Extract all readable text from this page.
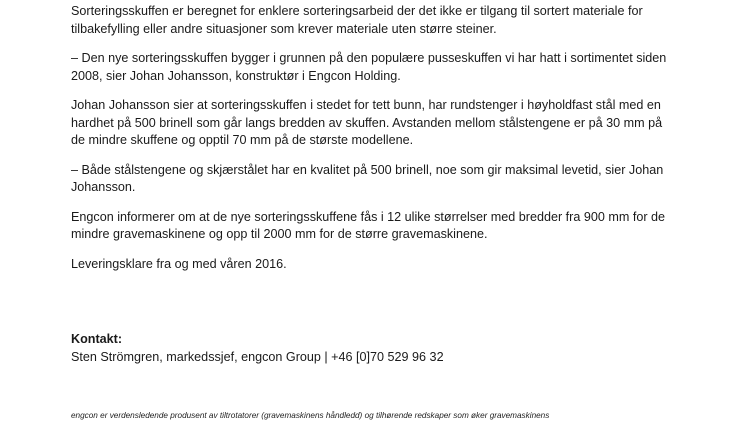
Sorteringsskuffen er beregnet for enklere sorteringsarbeid der det ikke er tilgang til sortert materiale for tilbakefylling eller andre situasjoner som krever materiale uten større steiner.

– Den nye sorteringsskuffen bygger i grunnen på den populære pusseskuffen vi har hatt i sortimentet siden 2008, sier Johan Johansson, konstruktør i Engcon Holding.

Johan Johansson sier at sorteringsskuffen i stedet for tett bunn, har rundstenger i høyholdfast stål med en hardhet på 500 brinell som går langs bredden av skuffen. Avstanden mellom stålstengene er på 30 mm på de mindre skuffene og opptil 70 mm på de største modellene.

– Både stålstengene og skjærstålet har en kvalitet på 500 brinell, noe som gir maksimal levetid, sier Johan Johansson.

Engcon informerer om at de nye sorteringsskuffene fås i 12 ulike størrelser med bredder fra 900 mm for de mindre gravemaskinene og opp til 2000 mm for de større gravemaskinene.

Leveringsklare fra og med våren 2016.

Kontakt:
Sten Strömgren, markedssjef, engcon Group | +46 [0]70 529 96 32
engcon er verdensledende produsent av tiltrotatorer (gravemaskinens håndledd) og tilhørende redskaper som øker gravemaskinens
